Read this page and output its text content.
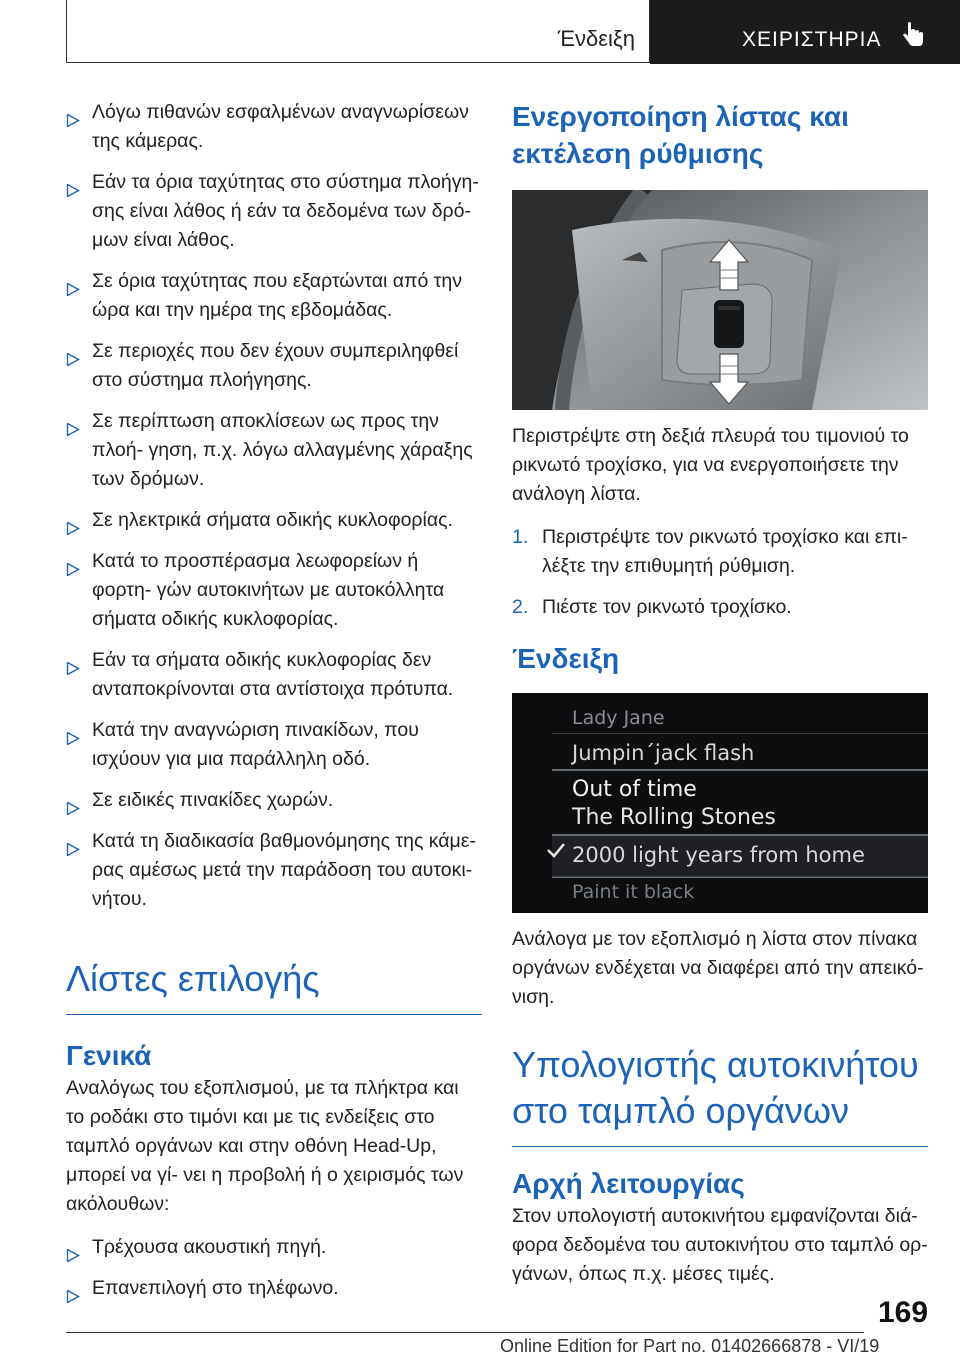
Ένδειξη	ΧΕΙΡΙΣΤΗΡΙΑ
Λόγω πιθανών εσφαλμένων αναγνωρίσεων της κάμερας.
Εάν τα όρια ταχύτητας στο σύστημα πλοήγη- σης είναι λάθος ή εάν τα δεδομένα των δρό- μων είναι λάθος.
Σε όρια ταχύτητας που εξαρτώνται από την ώρα και την ημέρα της εβδομάδας.
Σε περιοχές που δεν έχουν συμπεριληφθεί στο σύστημα πλοήγησης.
Σε περίπτωση αποκλίσεων ως προς την πλοή- γηση, π.χ. λόγω αλλαγμένης χάραξης των δρόμων.
Σε ηλεκτρικά σήματα οδικής κυκλοφορίας.
Κατά το προσπέρασμα λεωφορείων ή φορτη- γών αυτοκινήτων με αυτοκόλλητα σήματα οδικής κυκλοφορίας.
Εάν τα σήματα οδικής κυκλοφορίας δεν ανταποκρίνονται στα αντίστοιχα πρότυπα.
Κατά την αναγνώριση πινακίδων, που ισχύουν για μια παράλληλη οδό.
Σε ειδικές πινακίδες χωρών.
Κατά τη διαδικασία βαθμονόμησης της κάμε- ρας αμέσως μετά την παράδοση του αυτοκι- νήτου.
Λίστες επιλογής
Γενικά

Αναλόγως του εξοπλισμού, με τα πλήκτρα και το ροδάκι στο τιμόνι και με τις ενδείξεις στο ταμπλό οργάνων και στην οθόνη Head-Up, μπορεί να γί- νει η προβολή ή ο χειρισμός των ακόλουθων:

Τρέχουσα ακουστική πηγή.
Επανεπιλογή στο τηλέφωνο.
Ενεργοποίηση λίστας και εκτέλεση ρύθμισης

Περιστρέψτε στη δεξιά πλευρά του τιμονιού το ρικνωτό τροχίσκο, για να ενεργοποιήσετε την ανάλογη λίστα.

1. Περιστρέψτε τον ρικνωτό τροχίσκο και επι- λέξτε την επιθυμητή ρύθμιση.
2. Πιέστε τον ρικνωτό τροχίσκο.
Ένδειξη
Lady Jane
Jumpin´jack flash
Out of time
The Rolling Stones
2000 light years from home
Paint it black

Ανάλογα με τον εξοπλισμό η λίστα στον πίνακα οργάνων ενδέχεται να διαφέρει από την απεικό- νιση.

Υπολογιστής αυτοκινήτου στο ταμπλό οργάνων
Αρχή λειτουργίας

Στον υπολογιστή αυτοκινήτου εμφανίζονται διά- φορα δεδομένα του αυτοκινήτου στο ταμπλό ορ- γάνων, όπως π.χ. μέσες τιμές.

169
Online Edition for Part no. 01402666878 - VI/19
